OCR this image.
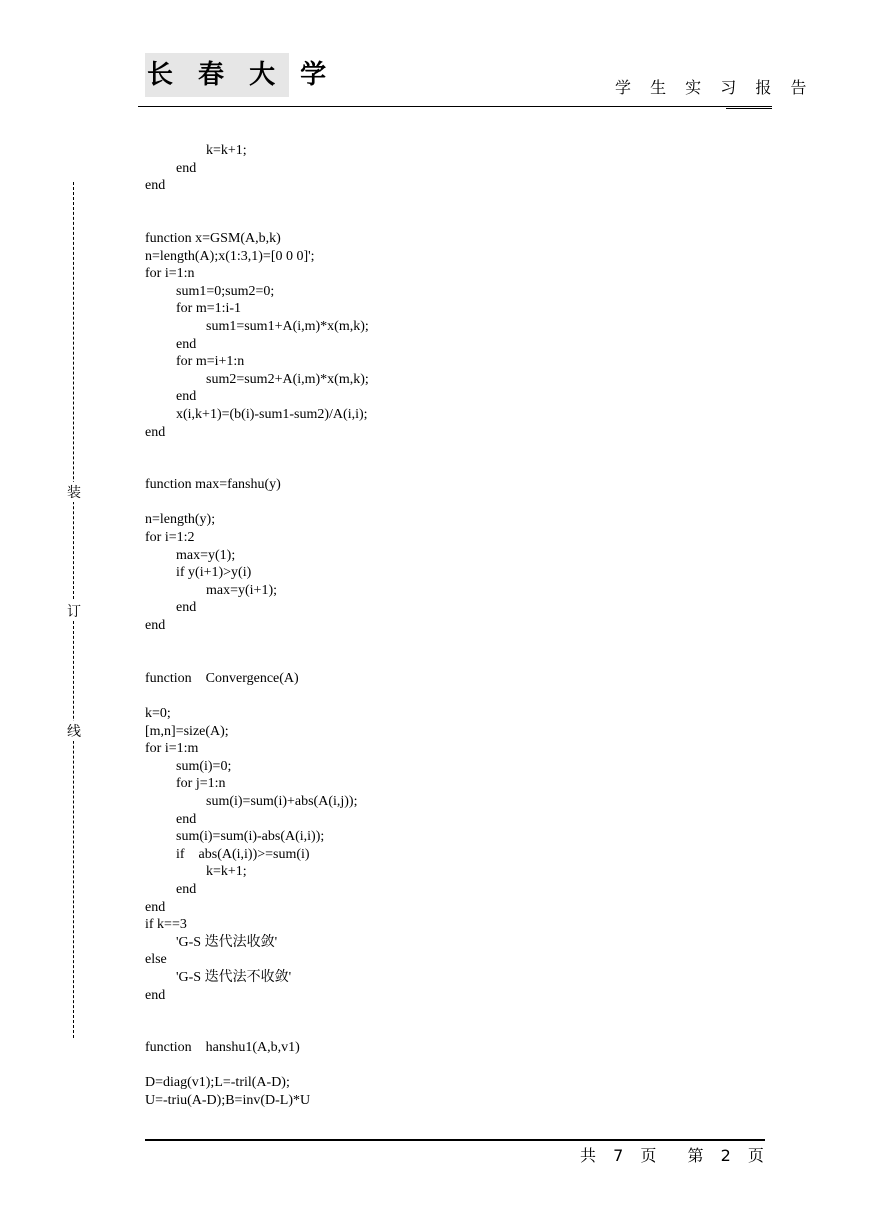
长 春 大 学	学 生 实 习 报 告
装
订
线
k=k+1;
end
end
function x=GSM(A,b,k)
n=length(A);x(1:3,1)=[0 0 0]';
for i=1:n
sum1=0;sum2=0;
for m=1:i-1
sum1=sum1+A(i,m)*x(m,k);
end
for m=i+1:n
sum2=sum2+A(i,m)*x(m,k);
end
x(i,k+1)=(b(i)-sum1-sum2)/A(i,i);
end
function max=fanshu(y)
n=length(y);
for i=1:2
max=y(1);
if y(i+1)>y(i)
max=y(i+1);
end
end
function    Convergence(A)
k=0;
[m,n]=size(A);
for i=1:m
sum(i)=0;
for j=1:n
sum(i)=sum(i)+abs(A(i,j));
end
sum(i)=sum(i)-abs(A(i,i));
if    abs(A(i,i))>=sum(i)
k=k+1;
end
end
if k==3
'G-S 迭代法收敛'
else
'G-S 迭代法不收敛'
end
function    hanshu1(A,b,v1)
D=diag(v1);L=-tril(A-D);
U=-triu(A-D);B=inv(D-L)*U
共 7 页 第 2 页
